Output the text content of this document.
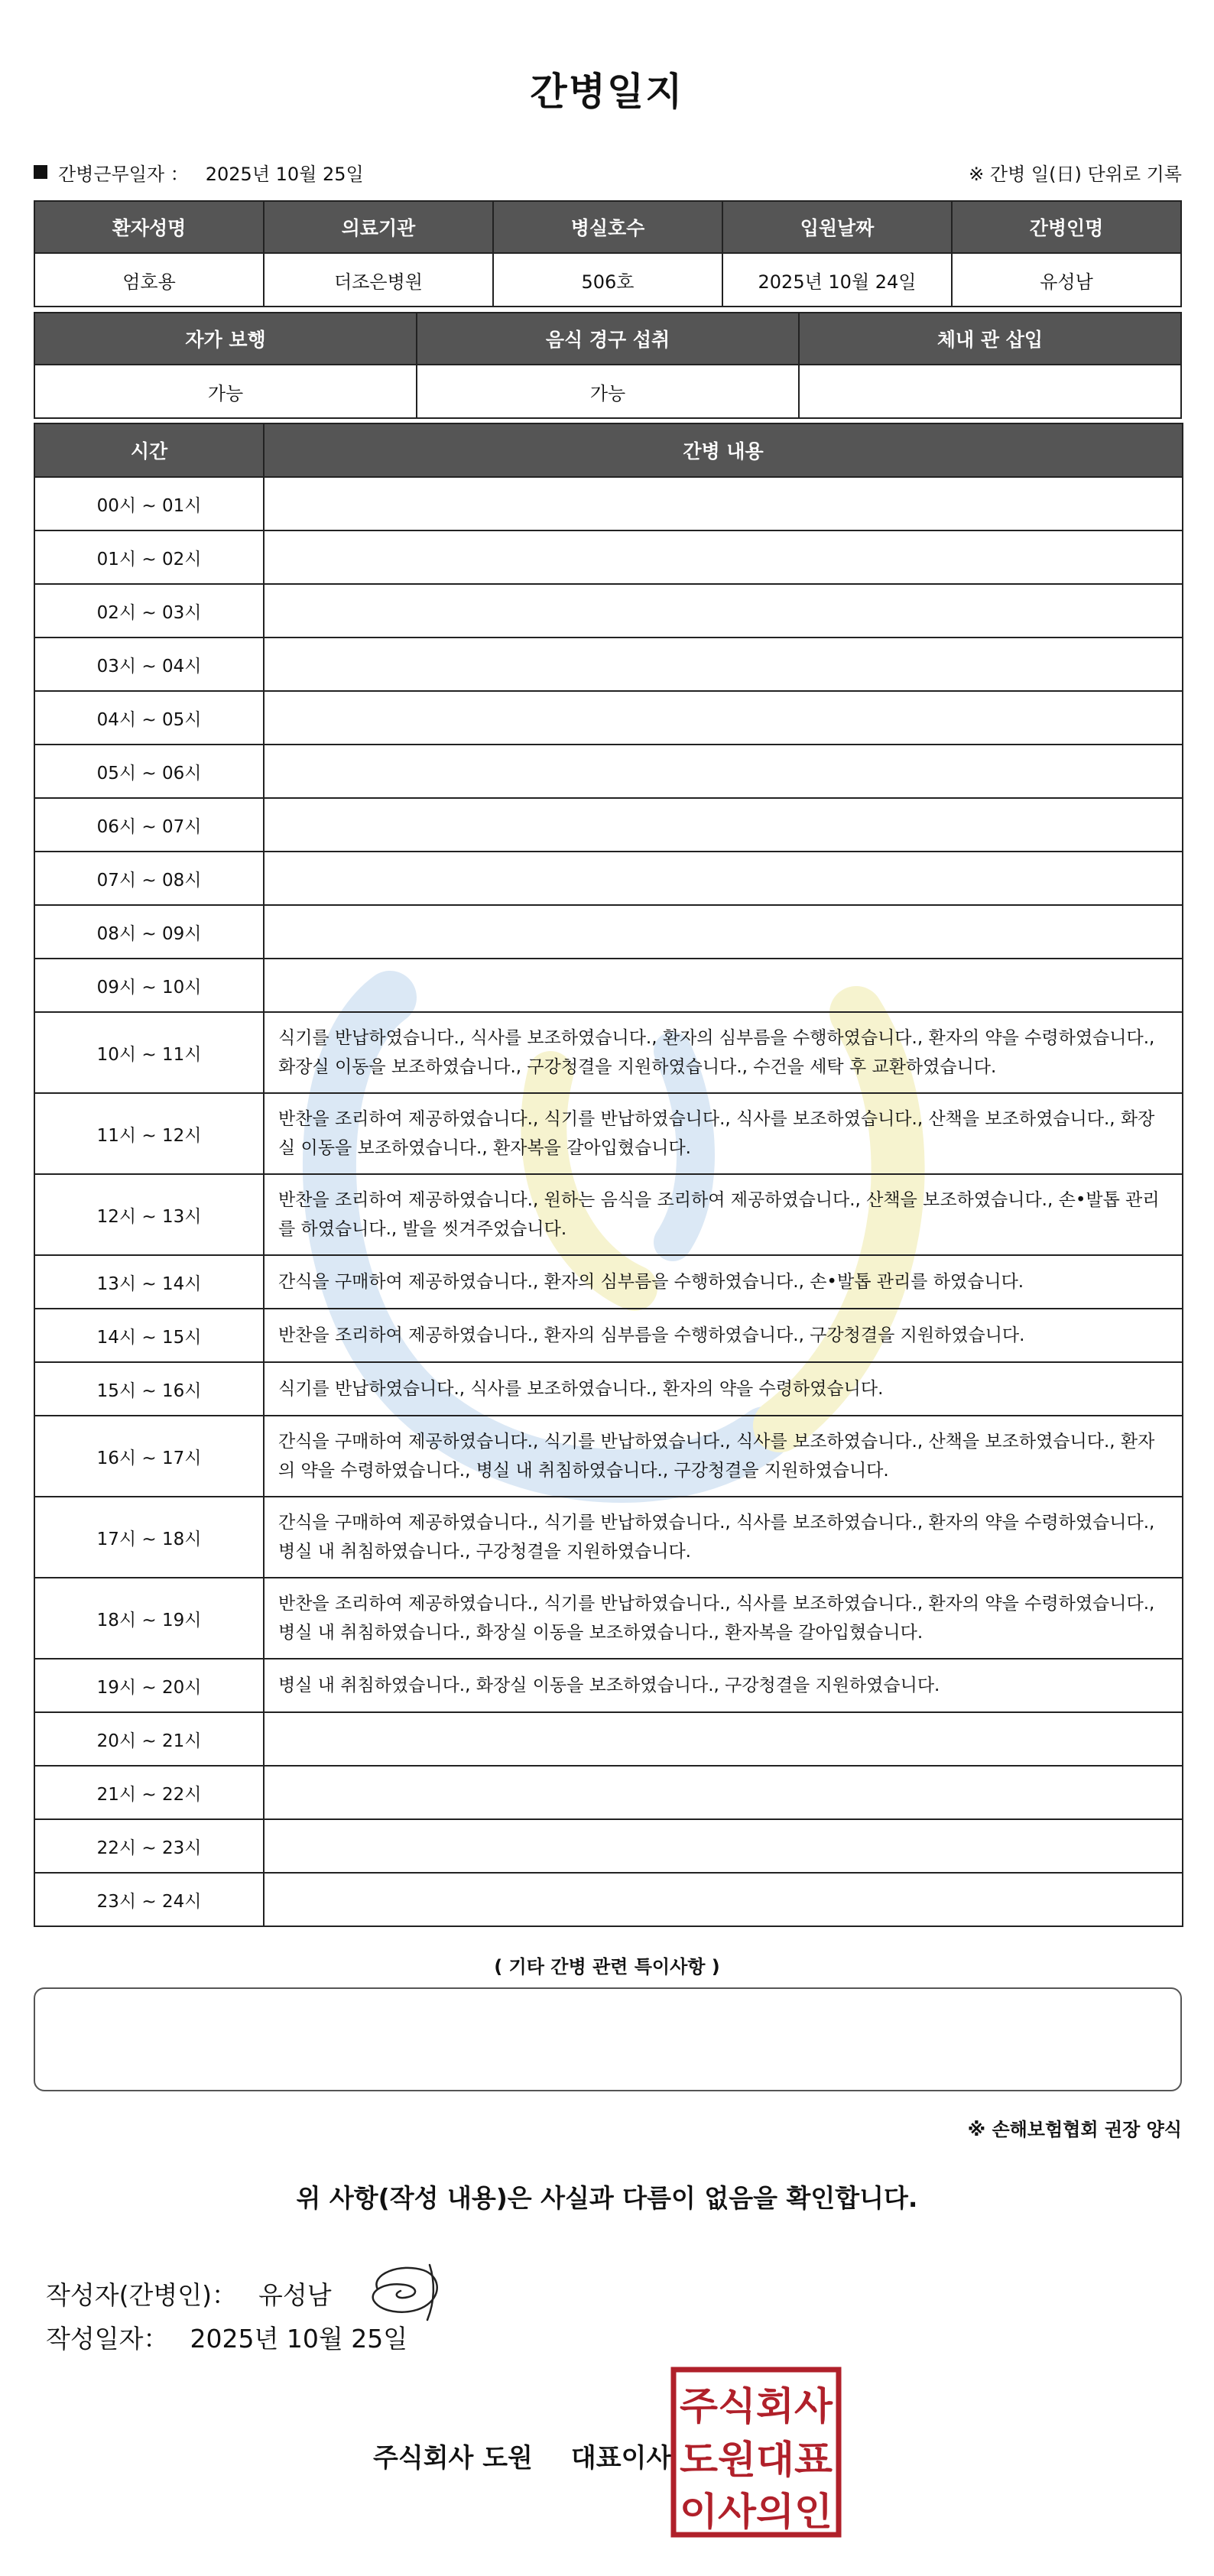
간병일지
간병근무일자 ： 2025년 10월 25일	※ 간병 일(日) 단위로 기록
환자성명	의료기관	병실호수	입원날짜	간병인명
엄호용	더조은병원	506호	2025년 10월 24일	유성남
자가 보행	음식 경구 섭취	체내 관 삽입
가능	가능	
시간	간병 내용
00시 ~ 01시	
01시 ~ 02시	
02시 ~ 03시	
03시 ~ 04시	
04시 ~ 05시	
05시 ~ 06시	
06시 ~ 07시	
07시 ~ 08시	
08시 ~ 09시	
09시 ~ 10시	
10시 ~ 11시	식기를 반납하였습니다., 식사를 보조하였습니다., 환자의 심부름을 수행하였습니다., 환자의 약을 수령하였습니다., 화장실 이동을 보조하였습니다., 구강청결을 지원하였습니다., 수건을 세탁 후 교환하였습니다.
11시 ~ 12시	반찬을 조리하여 제공하였습니다., 식기를 반납하였습니다., 식사를 보조하였습니다., 산책을 보조하였습니다., 화장실 이동을 보조하였습니다., 환자복을 갈아입혔습니다.
12시 ~ 13시	반찬을 조리하여 제공하였습니다., 원하는 음식을 조리하여 제공하였습니다., 산책을 보조하였습니다., 손•발톱 관리를 하였습니다., 발을 씻겨주었습니다.
13시 ~ 14시	간식을 구매하여 제공하였습니다., 환자의 심부름을 수행하였습니다., 손•발톱 관리를 하였습니다.
14시 ~ 15시	반찬을 조리하여 제공하였습니다., 환자의 심부름을 수행하였습니다., 구강청결을 지원하였습니다.
15시 ~ 16시	식기를 반납하였습니다., 식사를 보조하였습니다., 환자의 약을 수령하였습니다.
16시 ~ 17시	간식을 구매하여 제공하였습니다., 식기를 반납하였습니다., 식사를 보조하였습니다., 산책을 보조하였습니다., 환자의 약을 수령하였습니다., 병실 내 취침하였습니다., 구강청결을 지원하였습니다.
17시 ~ 18시	간식을 구매하여 제공하였습니다., 식기를 반납하였습니다., 식사를 보조하였습니다., 환자의 약을 수령하였습니다., 병실 내 취침하였습니다., 구강청결을 지원하였습니다.
18시 ~ 19시	반찬을 조리하여 제공하였습니다., 식기를 반납하였습니다., 식사를 보조하였습니다., 환자의 약을 수령하였습니다., 병실 내 취침하였습니다., 화장실 이동을 보조하였습니다., 환자복을 갈아입혔습니다.
19시 ~ 20시	병실 내 취침하였습니다., 화장실 이동을 보조하였습니다., 구강청결을 지원하였습니다.
20시 ~ 21시	
21시 ~ 22시	
22시 ~ 23시	
23시 ~ 24시	
( 기타 간병 관련 특이사항 )
※ 손해보험협회 권장 양식
위 사항(작성 내용)은 사실과 다름이 없음을 확인합니다.
작성자(간병인)： 유성남
작성일자： 2025년 10월 25일
주식회사 도원 대표이사
주식회사
도원대표
이사의인
